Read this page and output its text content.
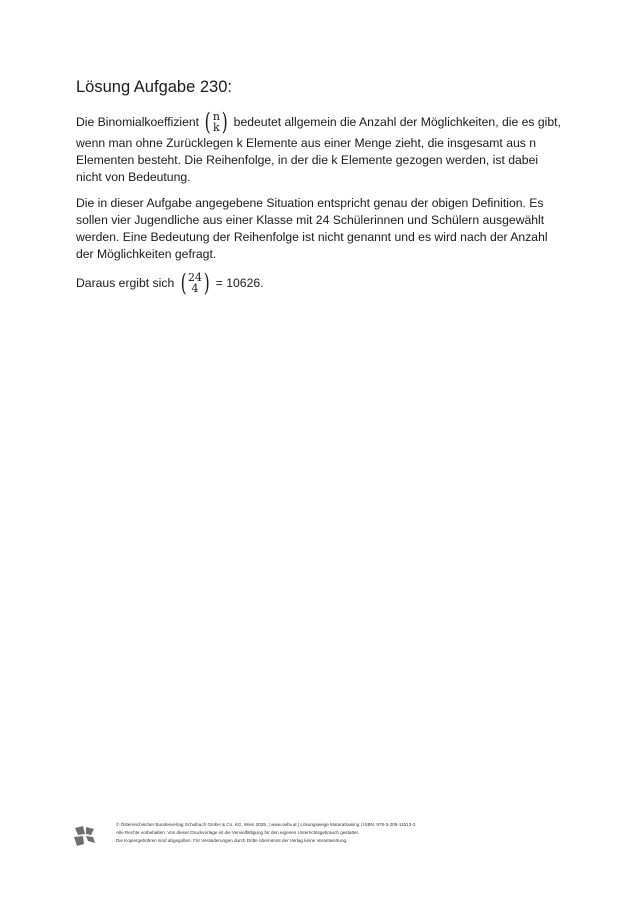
Lösung Aufgabe 230:

Die Binomialkoeffizient ( n
k ) bedeutet allgemein die Anzahl der Möglichkeiten, die es gibt, wenn man ohne Zurücklegen k Elemente aus einer Menge zieht, die insgesamt aus n Elementen besteht. Die Reihenfolge, in der die k Elemente gezogen werden, ist dabei nicht von Bedeutung.

Die in dieser Aufgabe angegebene Situation entspricht genau der obigen Definition. Es sollen vier Jugendliche aus einer Klasse mit 24 Schülerinnen und Schülern ausgewählt werden. Eine Bedeutung der Reihenfolge ist nicht genannt und es wird nach der Anzahl der Möglichkeiten gefragt.

Daraus ergibt sich ( 24
4 ) = 10626.

© Österreichischer Bundesverlag Schulbuch GmbH & Co. KG, Wien 2025. | www.oebv.at | Lösungswege Maturatraining | ISBN: 978-3-209-11513-3
Alle Rechte vorbehalten. Von dieser Druckvorlage ist die Vervielfältigung für den eigenen Unterrichtsgebrauch gestattet.
Die Kopiergebühren sind abgegolten. Für Veränderungen durch Dritte übernimmt der Verlag keine Verantwortung.
